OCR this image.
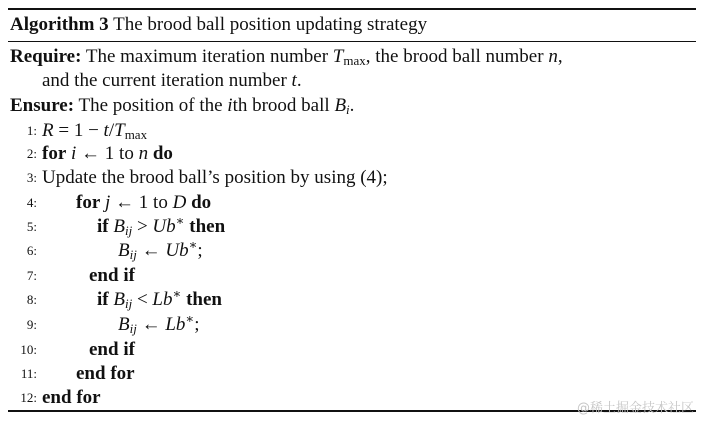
Algorithm 3 The brood ball position updating strategy
Require: The maximum iteration number $T_{max}$, the brood ball number n,
and the current iteration number t.
Ensure: The position of the ith brood ball $B_i$.
1: $R = 1 - t/T_{max}$
2: for i ← 1 to n do
3: Update the brood ball’s position by using (4);
4: for j ← 1 to D do
5:	if $B_{ij} > Ub^∗$ then
6:	$B_{ij}$ ← Ub∗;
7:	end if
8:	if $B_{ij} < Lb^∗$ then
9:	$B_{ij}$ ← Lb∗;
10:	end if
11: end for
12: end for
@稀土掘金技术社区
